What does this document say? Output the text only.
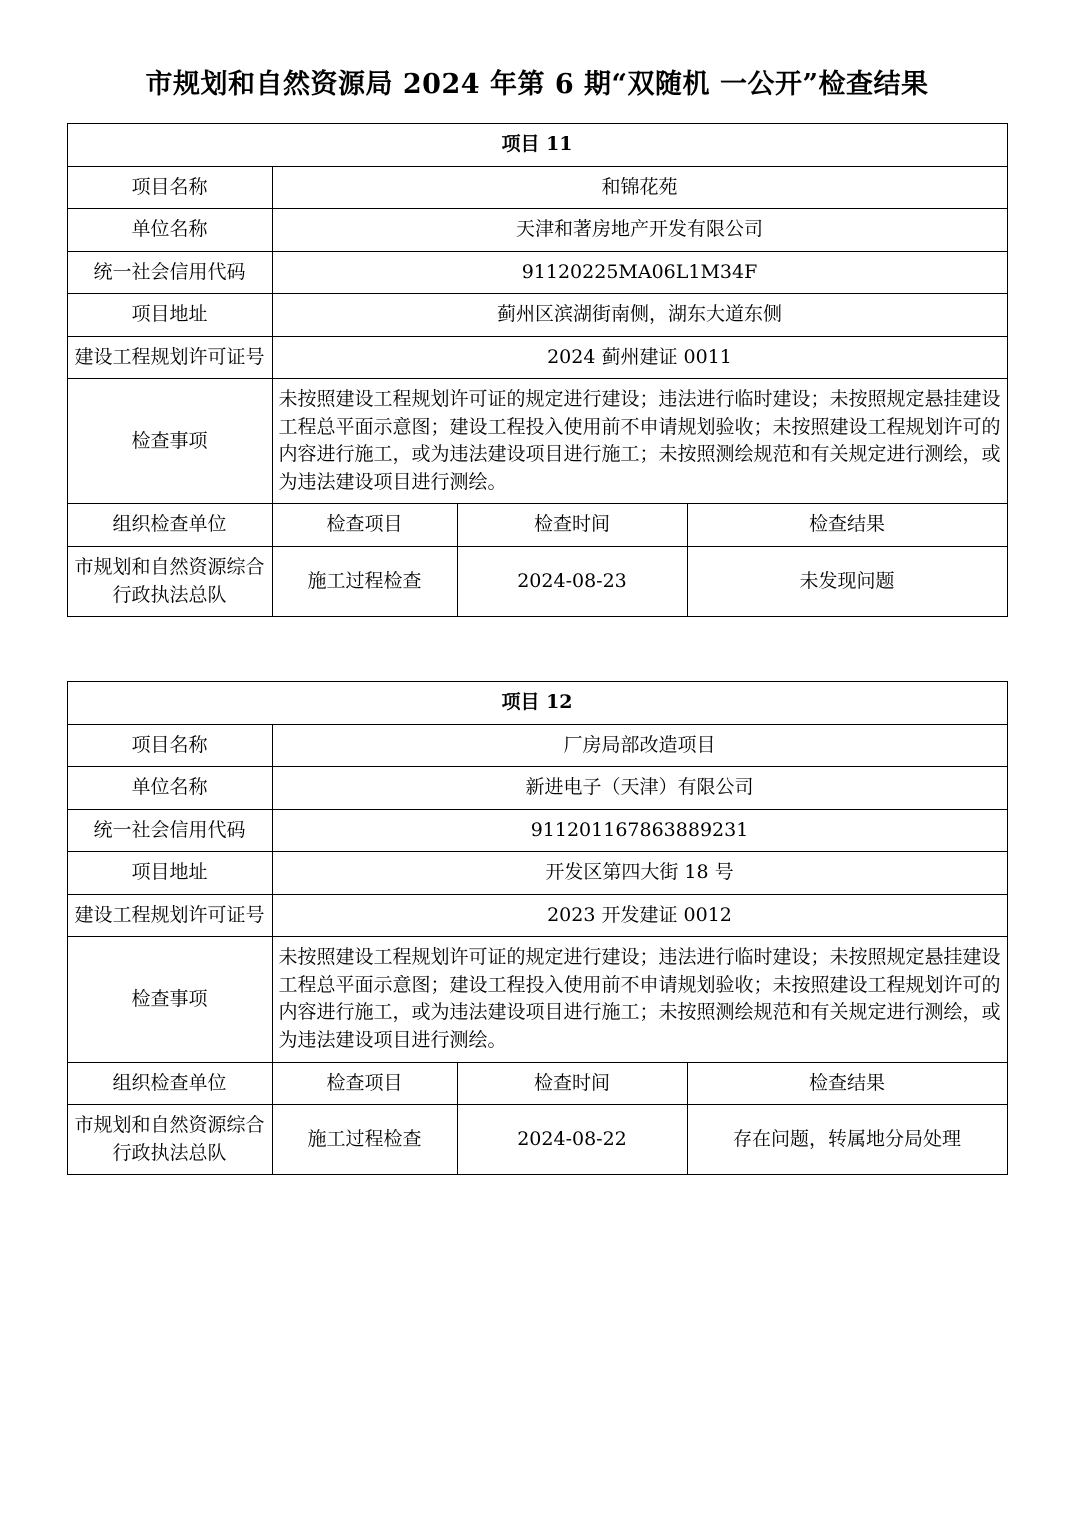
市规划和自然资源局 2024 年第 6 期“双随机 一公开”检查结果
项目 11			
项目名称	和锦花苑		
单位名称	天津和著房地产开发有限公司		
统一社会信用代码	91120225MA06L1M34F		
项目地址	蓟州区滨湖街南侧，湖东大道东侧		
建设工程规划许可证号	2024 蓟州建证 0011		
检查事项	未按照建设工程规划许可证的规定进行建设；违法进行临时建设；未按照规定悬挂建设工程总平面示意图；建设工程投入使用前不申请规划验收；未按照建设工程规划许可的内容进行施工，或为违法建设项目进行施工；未按照测绘规范和有关规定进行测绘，或为违法建设项目进行测绘。		
组织检查单位	检查项目	检查时间	检查结果
市规划和自然资源综合行政执法总队	施工过程检查	2024-08-23	未发现问题
项目 12			
项目名称	厂房局部改造项目		
单位名称	新进电子（天津）有限公司		
统一社会信用代码	911201167863889231		
项目地址	开发区第四大街 18 号		
建设工程规划许可证号	2023 开发建证 0012		
检查事项	未按照建设工程规划许可证的规定进行建设；违法进行临时建设；未按照规定悬挂建设工程总平面示意图；建设工程投入使用前不申请规划验收；未按照建设工程规划许可的内容进行施工，或为违法建设项目进行施工；未按照测绘规范和有关规定进行测绘，或为违法建设项目进行测绘。		
组织检查单位	检查项目	检查时间	检查结果
市规划和自然资源综合行政执法总队	施工过程检查	2024-08-22	存在问题，转属地分局处理
